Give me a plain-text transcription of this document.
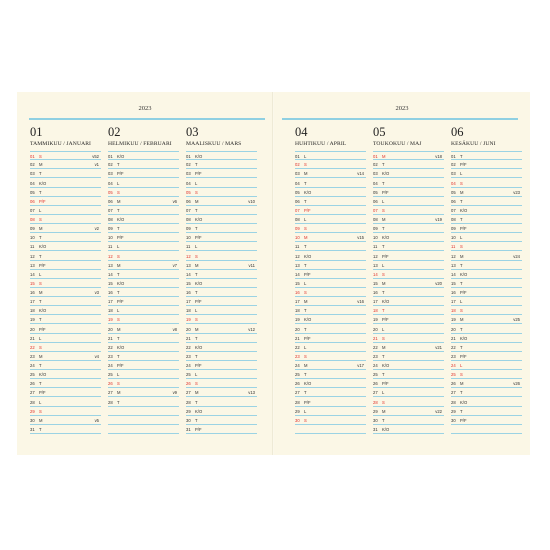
2023
01
TAMMIKUU / JANUARI
01 S	v52
02 M	v1
03 T
04 K/O
05 T
06 P/F
07 L
08 S
09 M	v2
10 T
11 K/O
12 T
13 P/F
14 L
15 S
16 M	v3
17 T
18 K/O
19 T
20 P/F
21 L
22 S
23 M	v4
24 T
25 K/O
26 T
27 P/F
28 L
29 S
30 M	v5
31 T
02
HELMIKUU / FEBRUARI
01 K/O
02 T
03 P/F
04 L
05 S
06 M	v6
07 T
08 K/O
09 T
10 P/F
11 L
12 S
13 M	v7
14 T
15 K/O
16 T
17 P/F
18 L
19 S
20 M	v8
21 T
22 K/O
23 T
24 P/F
25 L
26 S
27 M	v9
28 T
03
MAALISKUU / MARS
01 K/O
02 T
03 P/F
04 L
05 S
06 M	v10
07 T
08 K/O
09 T
10 P/F
11 L
12 S
13 M	v11
14 T
15 K/O
16 T
17 P/F
18 L
19 S
20 M	v12
21 T
22 K/O
23 T
24 P/F
25 L
26 S
27 M	v13
28 T
29 K/O
30 T
31 P/F
2023
04
HUHTIKUU / APRIL
01 L
02 S
03 M	v14
04 T
05 K/O
06 T
07 P/F
08 L
09 S
10 M	v15
11 T
12 K/O
13 T
14 P/F
15 L
16 S
17 M	v16
18 T
19 K/O
20 T
21 P/F
22 L
23 S
24 M	v17
25 T
26 K/O
27 T
28 P/F
29 L
30 S
05
TOUKOKUU / MAJ
01 M	v18
02 T
03 K/O
04 T
05 P/F
06 L
07 S
08 M	v19
09 T
10 K/O
11 T
12 P/F
13 L
14 S
15 M	v20
16 T
17 K/O
18 T
19 P/F
20 L
21 S
22 M	v21
23 T
24 K/O
25 T
26 P/F
27 L
28 S
29 M	v22
30 T
31 K/O
06
KESÄKUU / JUNI
01 T
02 P/F
03 L
04 S
05 M	v23
06 T
07 K/O
08 T
09 P/F
10 L
11 S
12 M	v24
13 T
14 K/O
15 T
16 P/F
17 L
18 S
19 M	v25
20 T
21 K/O
22 T
23 P/F
24 L
25 S
26 M	v26
27 T
28 K/O
29 T
30 P/F
